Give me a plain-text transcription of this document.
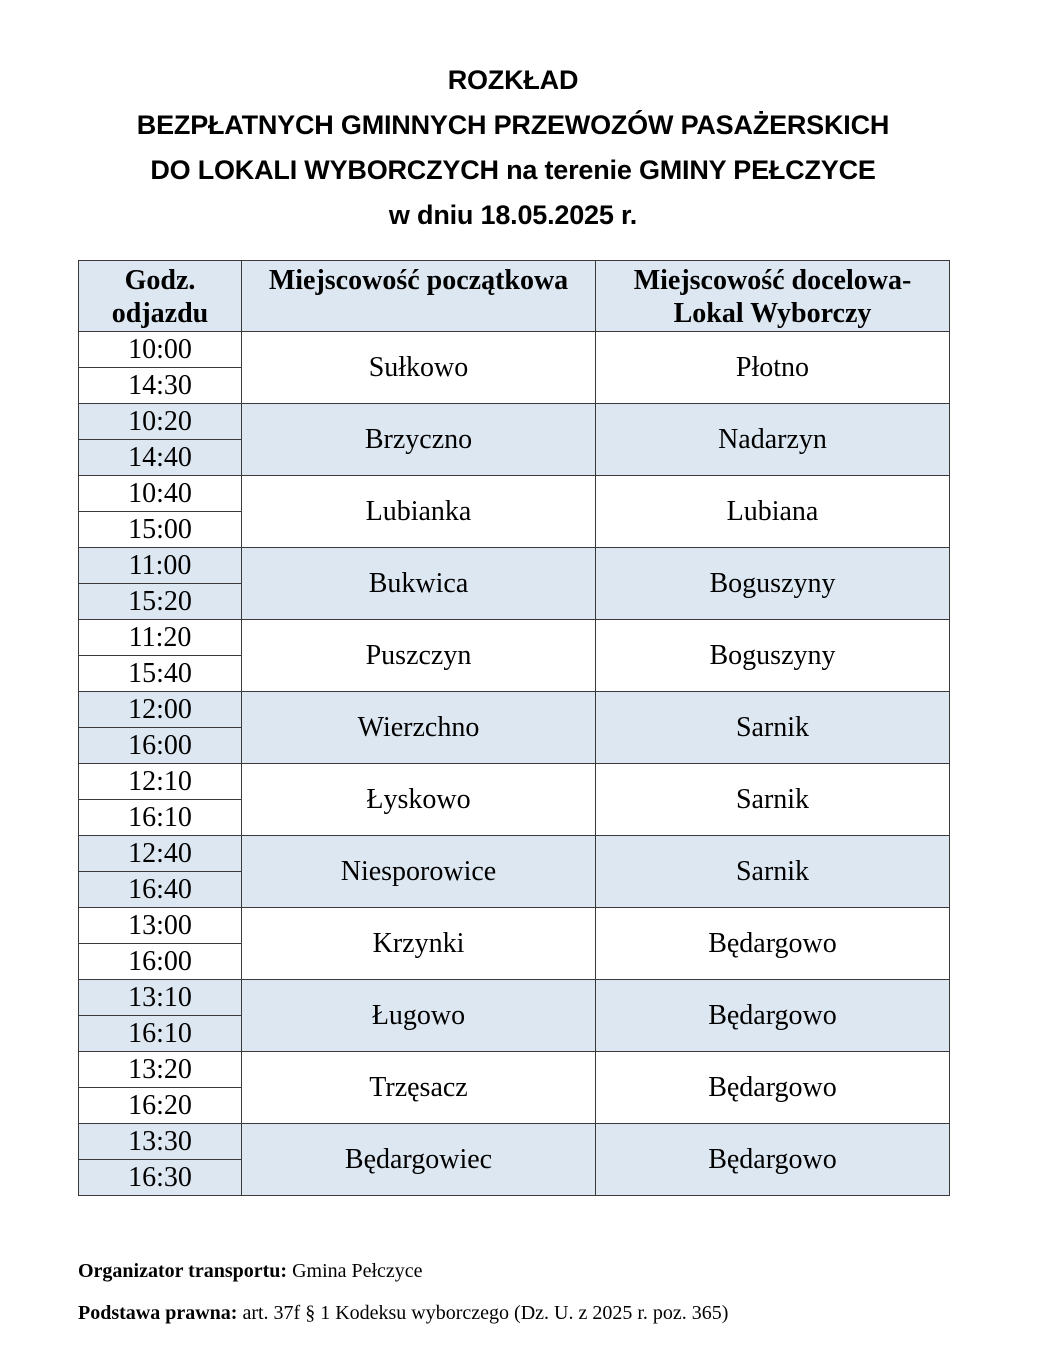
ROZKŁAD
BEZPŁATNYCH GMINNYCH PRZEWOZÓW PASAŻERSKICH
DO LOKALI WYBORCZYCH na terenie GMINY PEŁCZYCE
w dniu 18.05.2025 r.
Godz.
odjazdu	Miejscowość początkowa	Miejscowość docelowa-
Lokal Wyborczy
10:00	Sułkowo	Płotno
14:30		
10:20	Brzyczno	Nadarzyn
14:40		
10:40	Lubianka	Lubiana
15:00		
11:00	Bukwica	Boguszyny
15:20		
11:20	Puszczyn	Boguszyny
15:40		
12:00	Wierzchno	Sarnik
16:00		
12:10	Łyskowo	Sarnik
16:10		
12:40	Niesporowice	Sarnik
16:40		
13:00	Krzynki	Będargowo
16:00		
13:10	Ługowo	Będargowo
16:10		
13:20	Trzęsacz	Będargowo
16:20		
13:30	Będargowiec	Będargowo
16:30		
Organizator transportu: Gmina Pełczyce
Podstawa prawna: art. 37f § 1 Kodeksu wyborczego (Dz. U. z 2025 r. poz. 365)
